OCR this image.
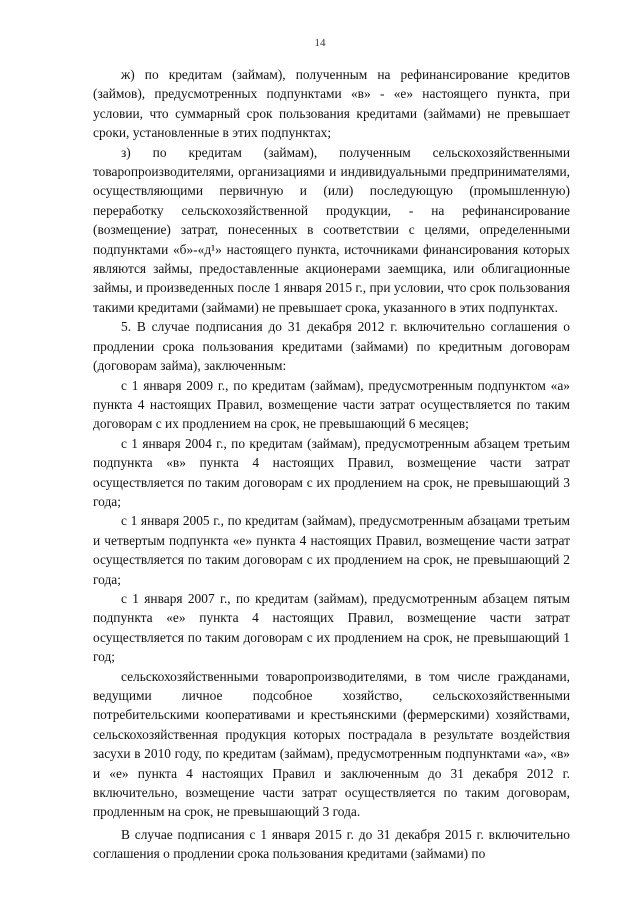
14

ж) по кредитам (займам), полученным на рефинансирование кредитов (займов), предусмотренных подпунктами «в» - «е» настоящего пункта, при условии, что суммарный срок пользования кредитами (займами) не превышает сроки, установленные в этих подпунктах;

з) по кредитам (займам), полученным сельскохозяйственными товаропроизводителями, организациями и индивидуальными предпринимателями, осуществляющими первичную и (или) последующую (промышленную) переработку сельскохозяйственной продукции, - на рефинансирование (возмещение) затрат, понесенных в соответствии с целями, определенными подпунктами «б»-«д¹» настоящего пункта, источниками финансирования которых являются займы, предоставленные акционерами заемщика, или облигационные займы, и произведенных после 1 января 2015 г., при условии, что срок пользования такими кредитами (займами) не превышает срока, указанного в этих подпунктах.

5. В случае подписания до 31 декабря 2012 г. включительно соглашения о продлении срока пользования кредитами (займами) по кредитным договорам (договорам займа), заключенным:

с 1 января 2009 г., по кредитам (займам), предусмотренным подпунктом «а» пункта 4 настоящих Правил, возмещение части затрат осуществляется по таким договорам с их продлением на срок, не превышающий 6 месяцев;

с 1 января 2004 г., по кредитам (займам), предусмотренным абзацем третьим подпункта «в» пункта 4 настоящих Правил, возмещение части затрат осуществляется по таким договорам с их продлением на срок, не превышающий 3 года;

с 1 января 2005 г., по кредитам (займам), предусмотренным абзацами третьим и четвертым подпункта «е» пункта 4 настоящих Правил, возмещение части затрат осуществляется по таким договорам с их продлением на срок, не превышающий 2 года;

с 1 января 2007 г., по кредитам (займам), предусмотренным абзацем пятым подпункта «е» пункта 4 настоящих Правил, возмещение части затрат осуществляется по таким договорам с их продлением на срок, не превышающий 1 год;

сельскохозяйственными товаропроизводителями, в том числе гражданами, ведущими личное подсобное хозяйство, сельскохозяйственными потребительскими кооперативами и крестьянскими (фермерскими) хозяйствами, сельскохозяйственная продукция которых пострадала в результате воздействия засухи в 2010 году, по кредитам (займам), предусмотренным подпунктами «а», «в» и «е» пункта 4 настоящих Правил и заключенным до 31 декабря 2012 г. включительно, возмещение части затрат осуществляется по таким договорам, продленным на срок, не превышающий 3 года.

В случае подписания с 1 января 2015 г. до 31 декабря 2015 г. включительно соглашения о продлении срока пользования кредитами (займами) по
